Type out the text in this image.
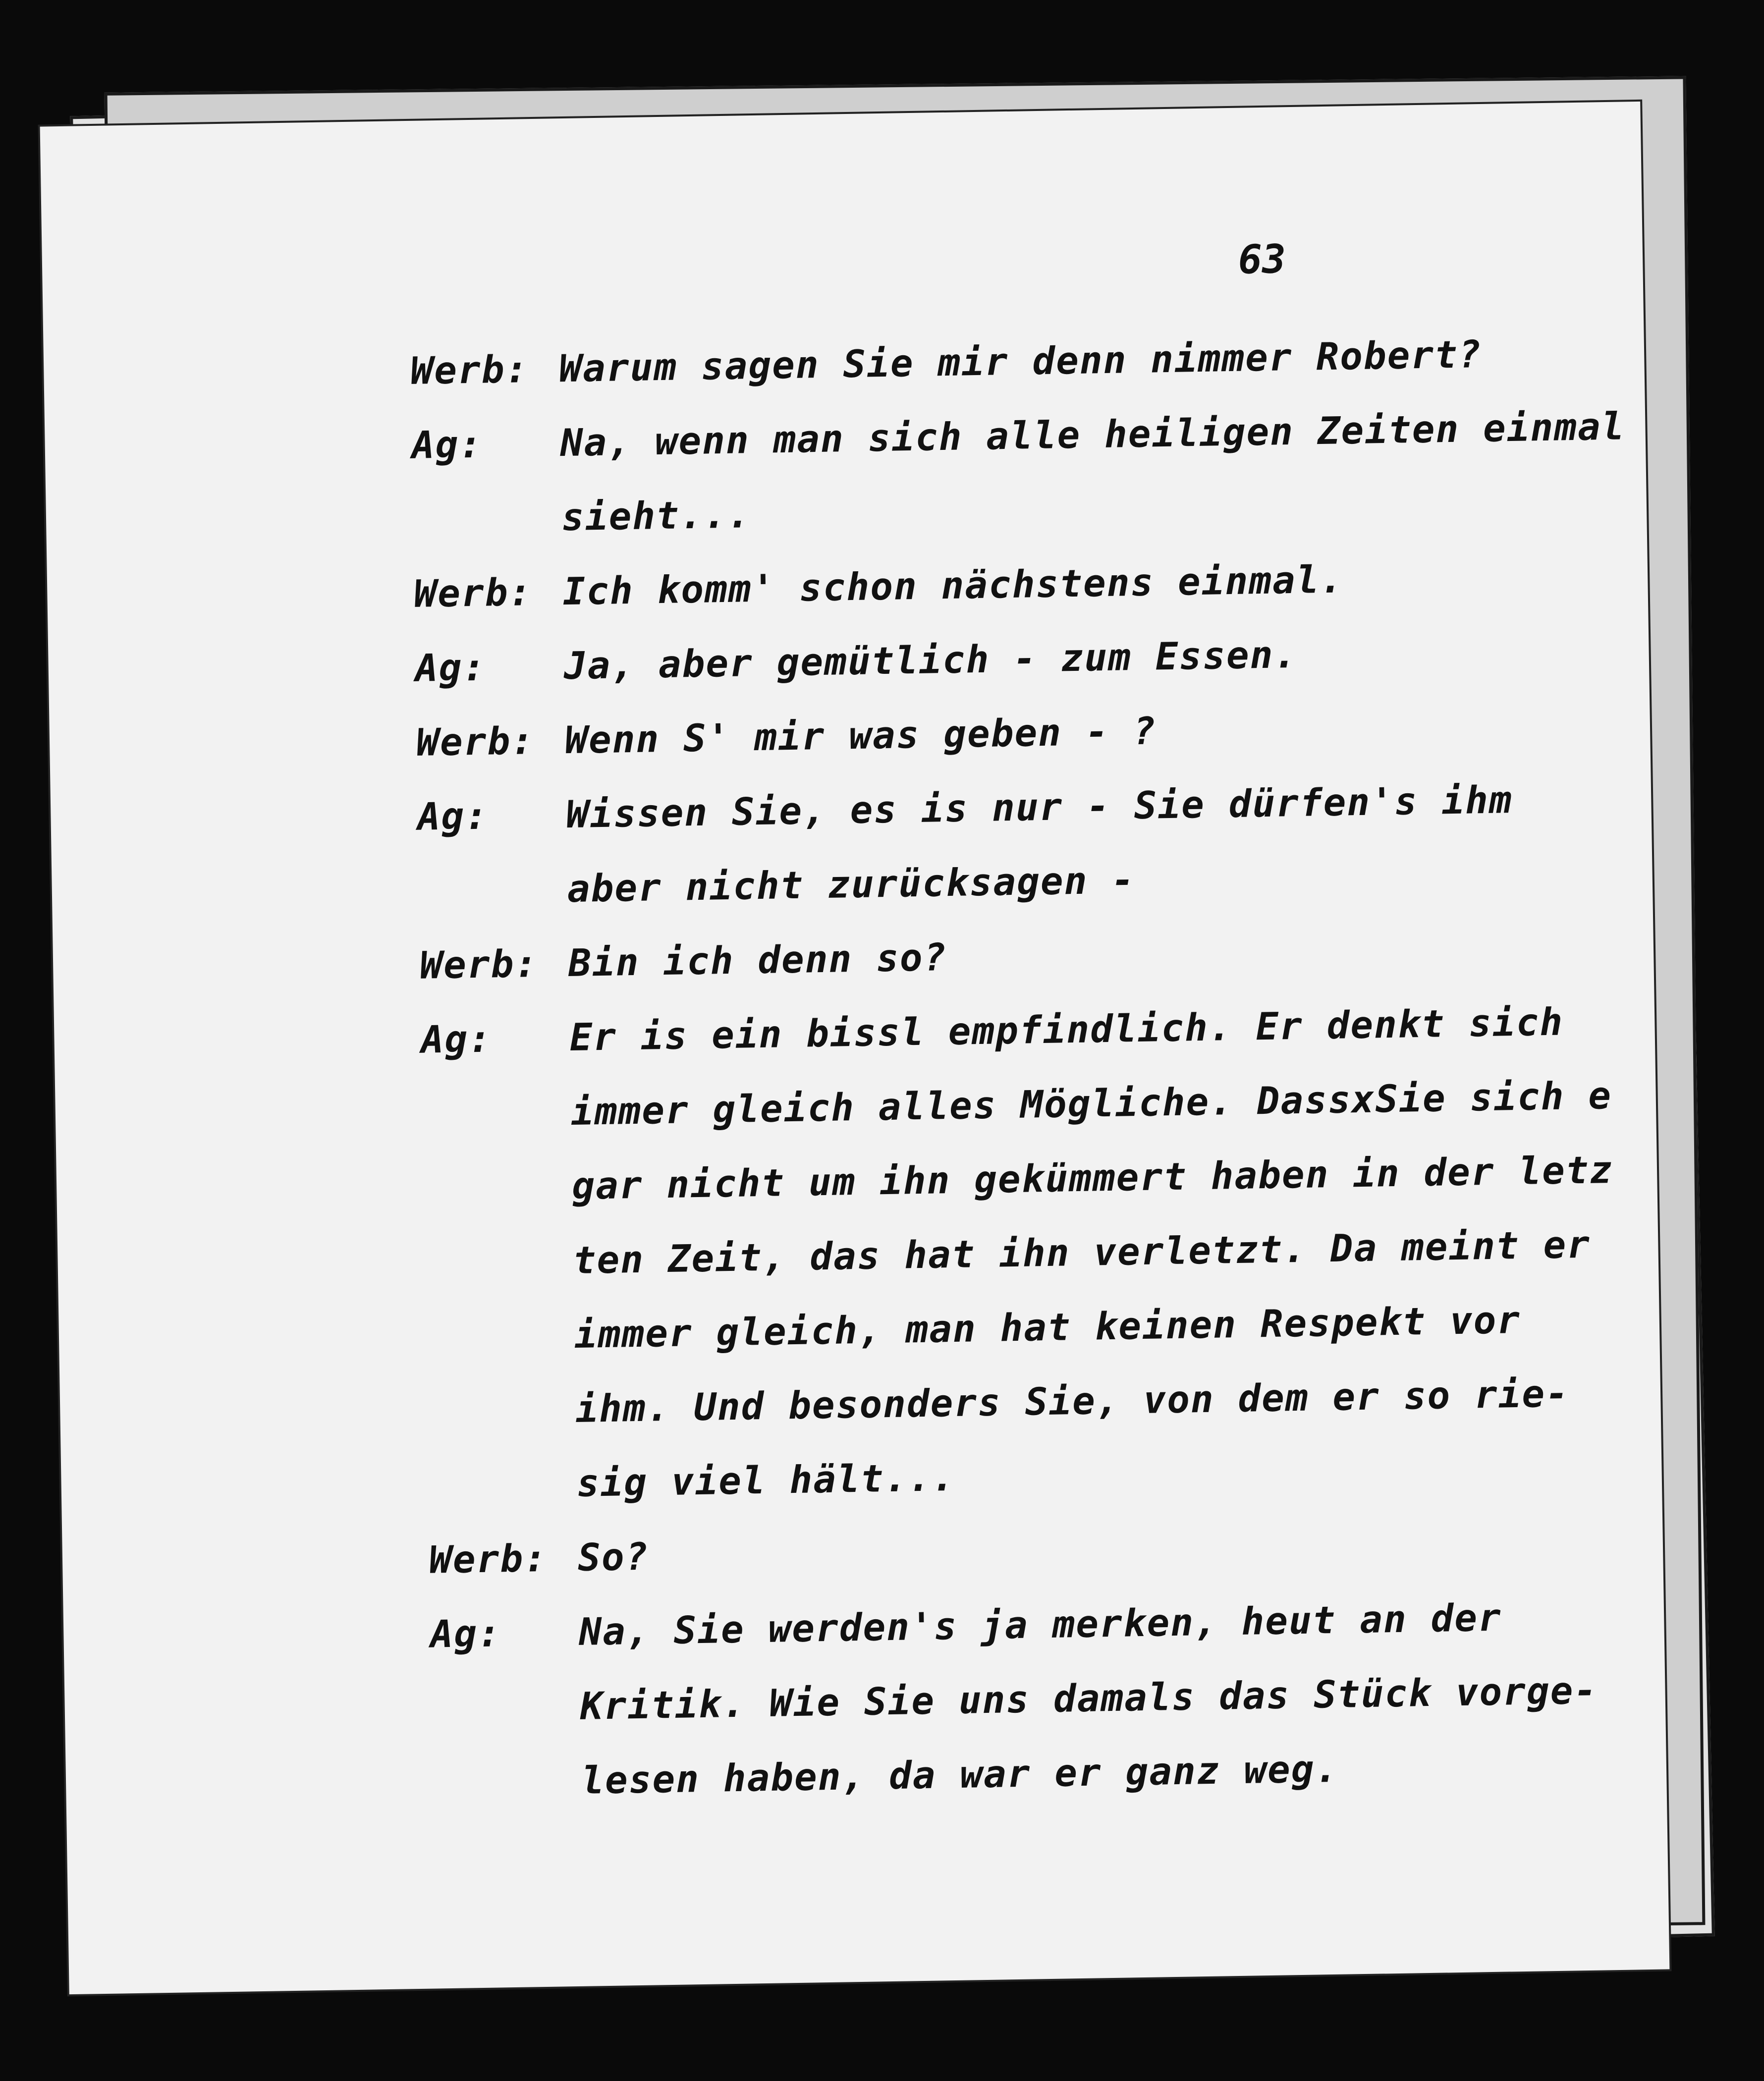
63
Werb: Warum sagen Sie mir denn nimmer Robert?
Ag:	Na, wenn man sich alle heiligen Zeiten einmal
sieht...
Werb: Ich komm' schon nächstens einmal.
Ag:	Ja, aber gemütlich - zum Essen.
Werb: Wenn S' mir was geben - ?
Ag:	Wissen Sie, es is nur - Sie dürfen's ihm
aber nicht zurücksagen -
Werb: Bin ich denn so?
Ag:	Er is ein bissl empfindlich. Er denkt sich
immer gleich alles Mögliche. DassxSie sich e
gar nicht um ihn gekümmert haben in der letz
ten Zeit, das hat ihn verletzt. Da meint er
immer gleich, man hat keinen Respekt vor
ihm. Und besonders Sie, von dem er so rie-
sig viel hält...
Werb: So?
Ag:	Na, Sie werden's ja merken, heut an der
Kritik. Wie Sie uns damals das Stück vorge-
lesen haben, da war er ganz weg.
